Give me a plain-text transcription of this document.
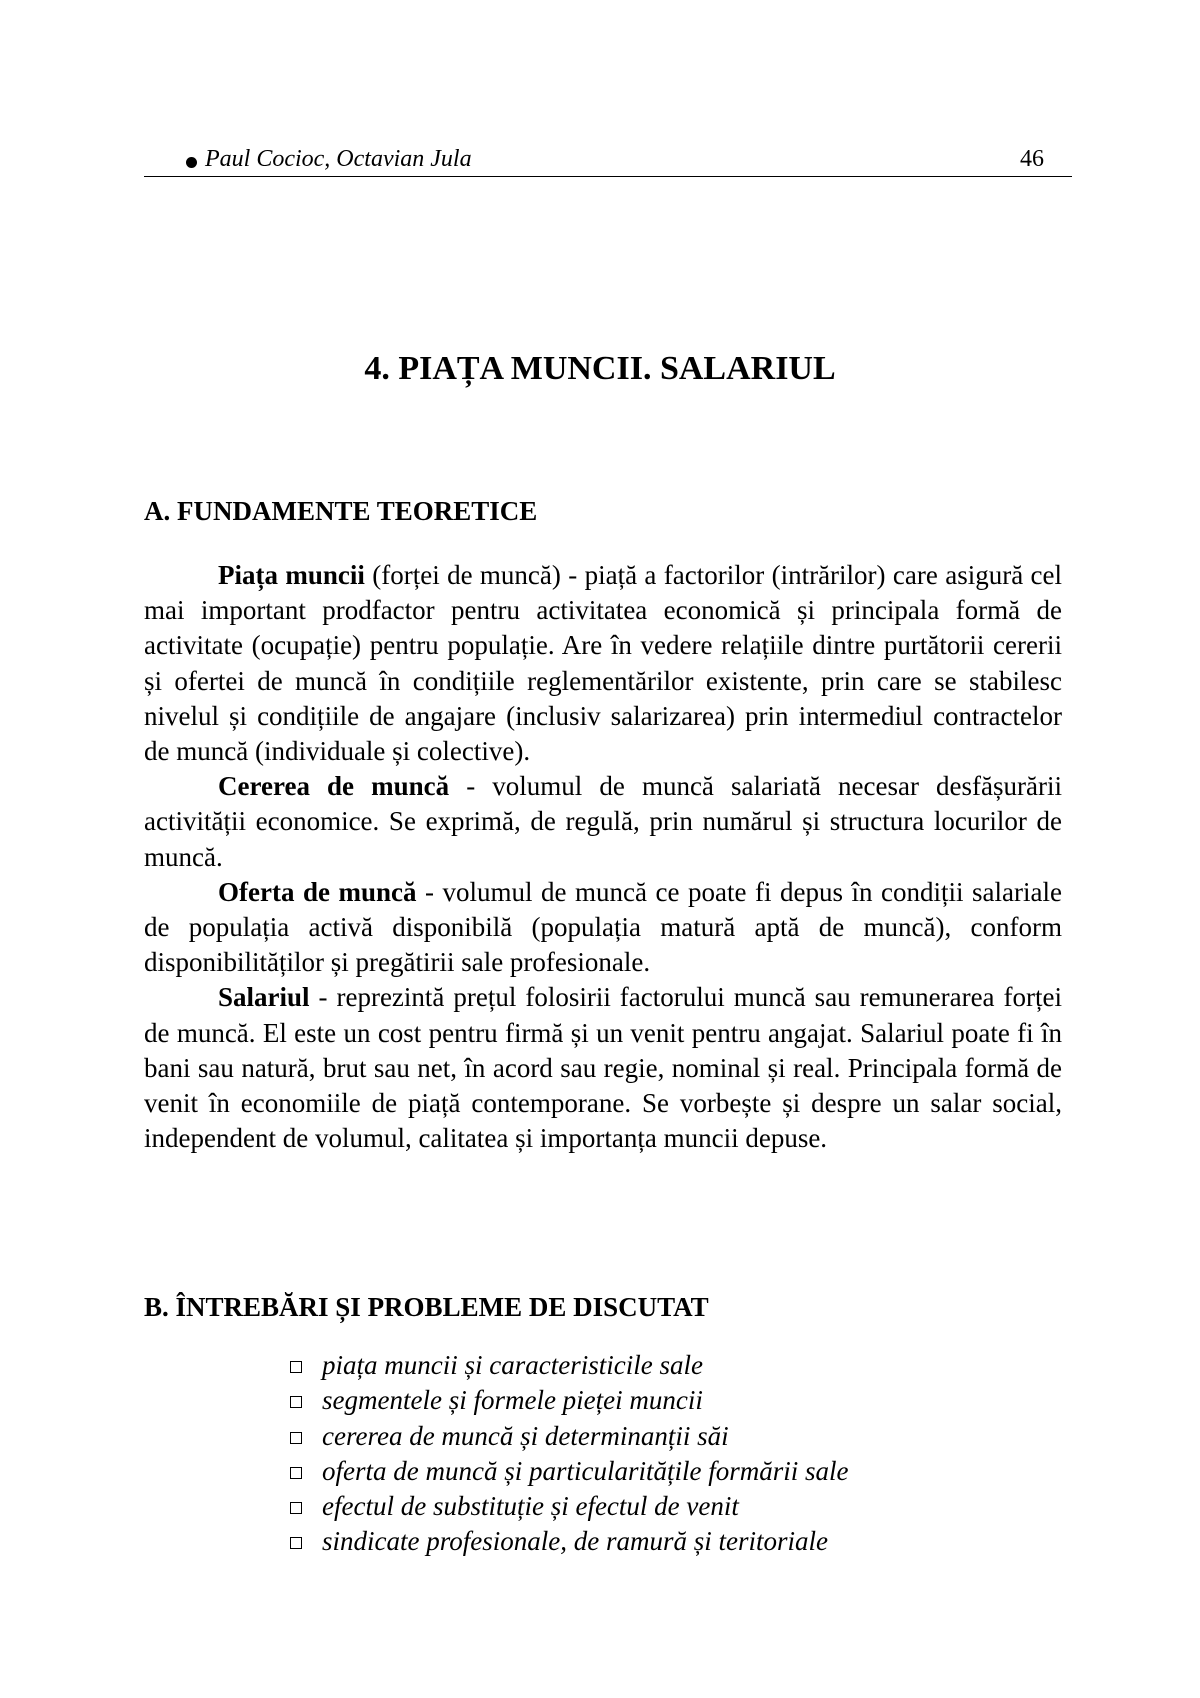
Paul Cocioc, Octavian Jula	46
4. PIAȚA MUNCII. SALARIUL
A. FUNDAMENTE TEORETICE

Piața muncii (forței de muncă) - piață a factorilor (intrărilor) care asigură cel mai important prodfactor pentru activitatea economică și principala formă de activitate (ocupație) pentru populație. Are în vedere relațiile dintre purtătorii cererii și ofertei de muncă în condițiile reglementărilor existente, prin care se stabilesc nivelul și condițiile de angajare (inclusiv salarizarea) prin intermediul contractelor de muncă (individuale și colective).

Cererea de muncă - volumul de muncă salariată necesar desfășurării activității economice. Se exprimă, de regulă, prin numărul și structura locurilor de muncă.

Oferta de muncă - volumul de muncă ce poate fi depus în condiții salariale de populația activă disponibilă (populația matură aptă de muncă), conform disponibilităților și pregătirii sale profesionale.

Salariul - reprezintă prețul folosirii factorului muncă sau remunerarea forței de muncă. El este un cost pentru firmă și un venit pentru angajat. Salariul poate fi în bani sau natură, brut sau net, în acord sau regie, nominal și real. Principala formă de venit în economiile de piață contemporane. Se vorbește și despre un salar social, independent de volumul, calitatea și importanța muncii depuse.

B. ÎNTREBĂRI ȘI PROBLEME DE DISCUTAT
piața muncii și caracteristicile sale
segmentele și formele pieței muncii
cererea de muncă și determinanții săi
oferta de muncă și particularitățile formării sale
efectul de substituție și efectul de venit
sindicate profesionale, de ramură și teritoriale
